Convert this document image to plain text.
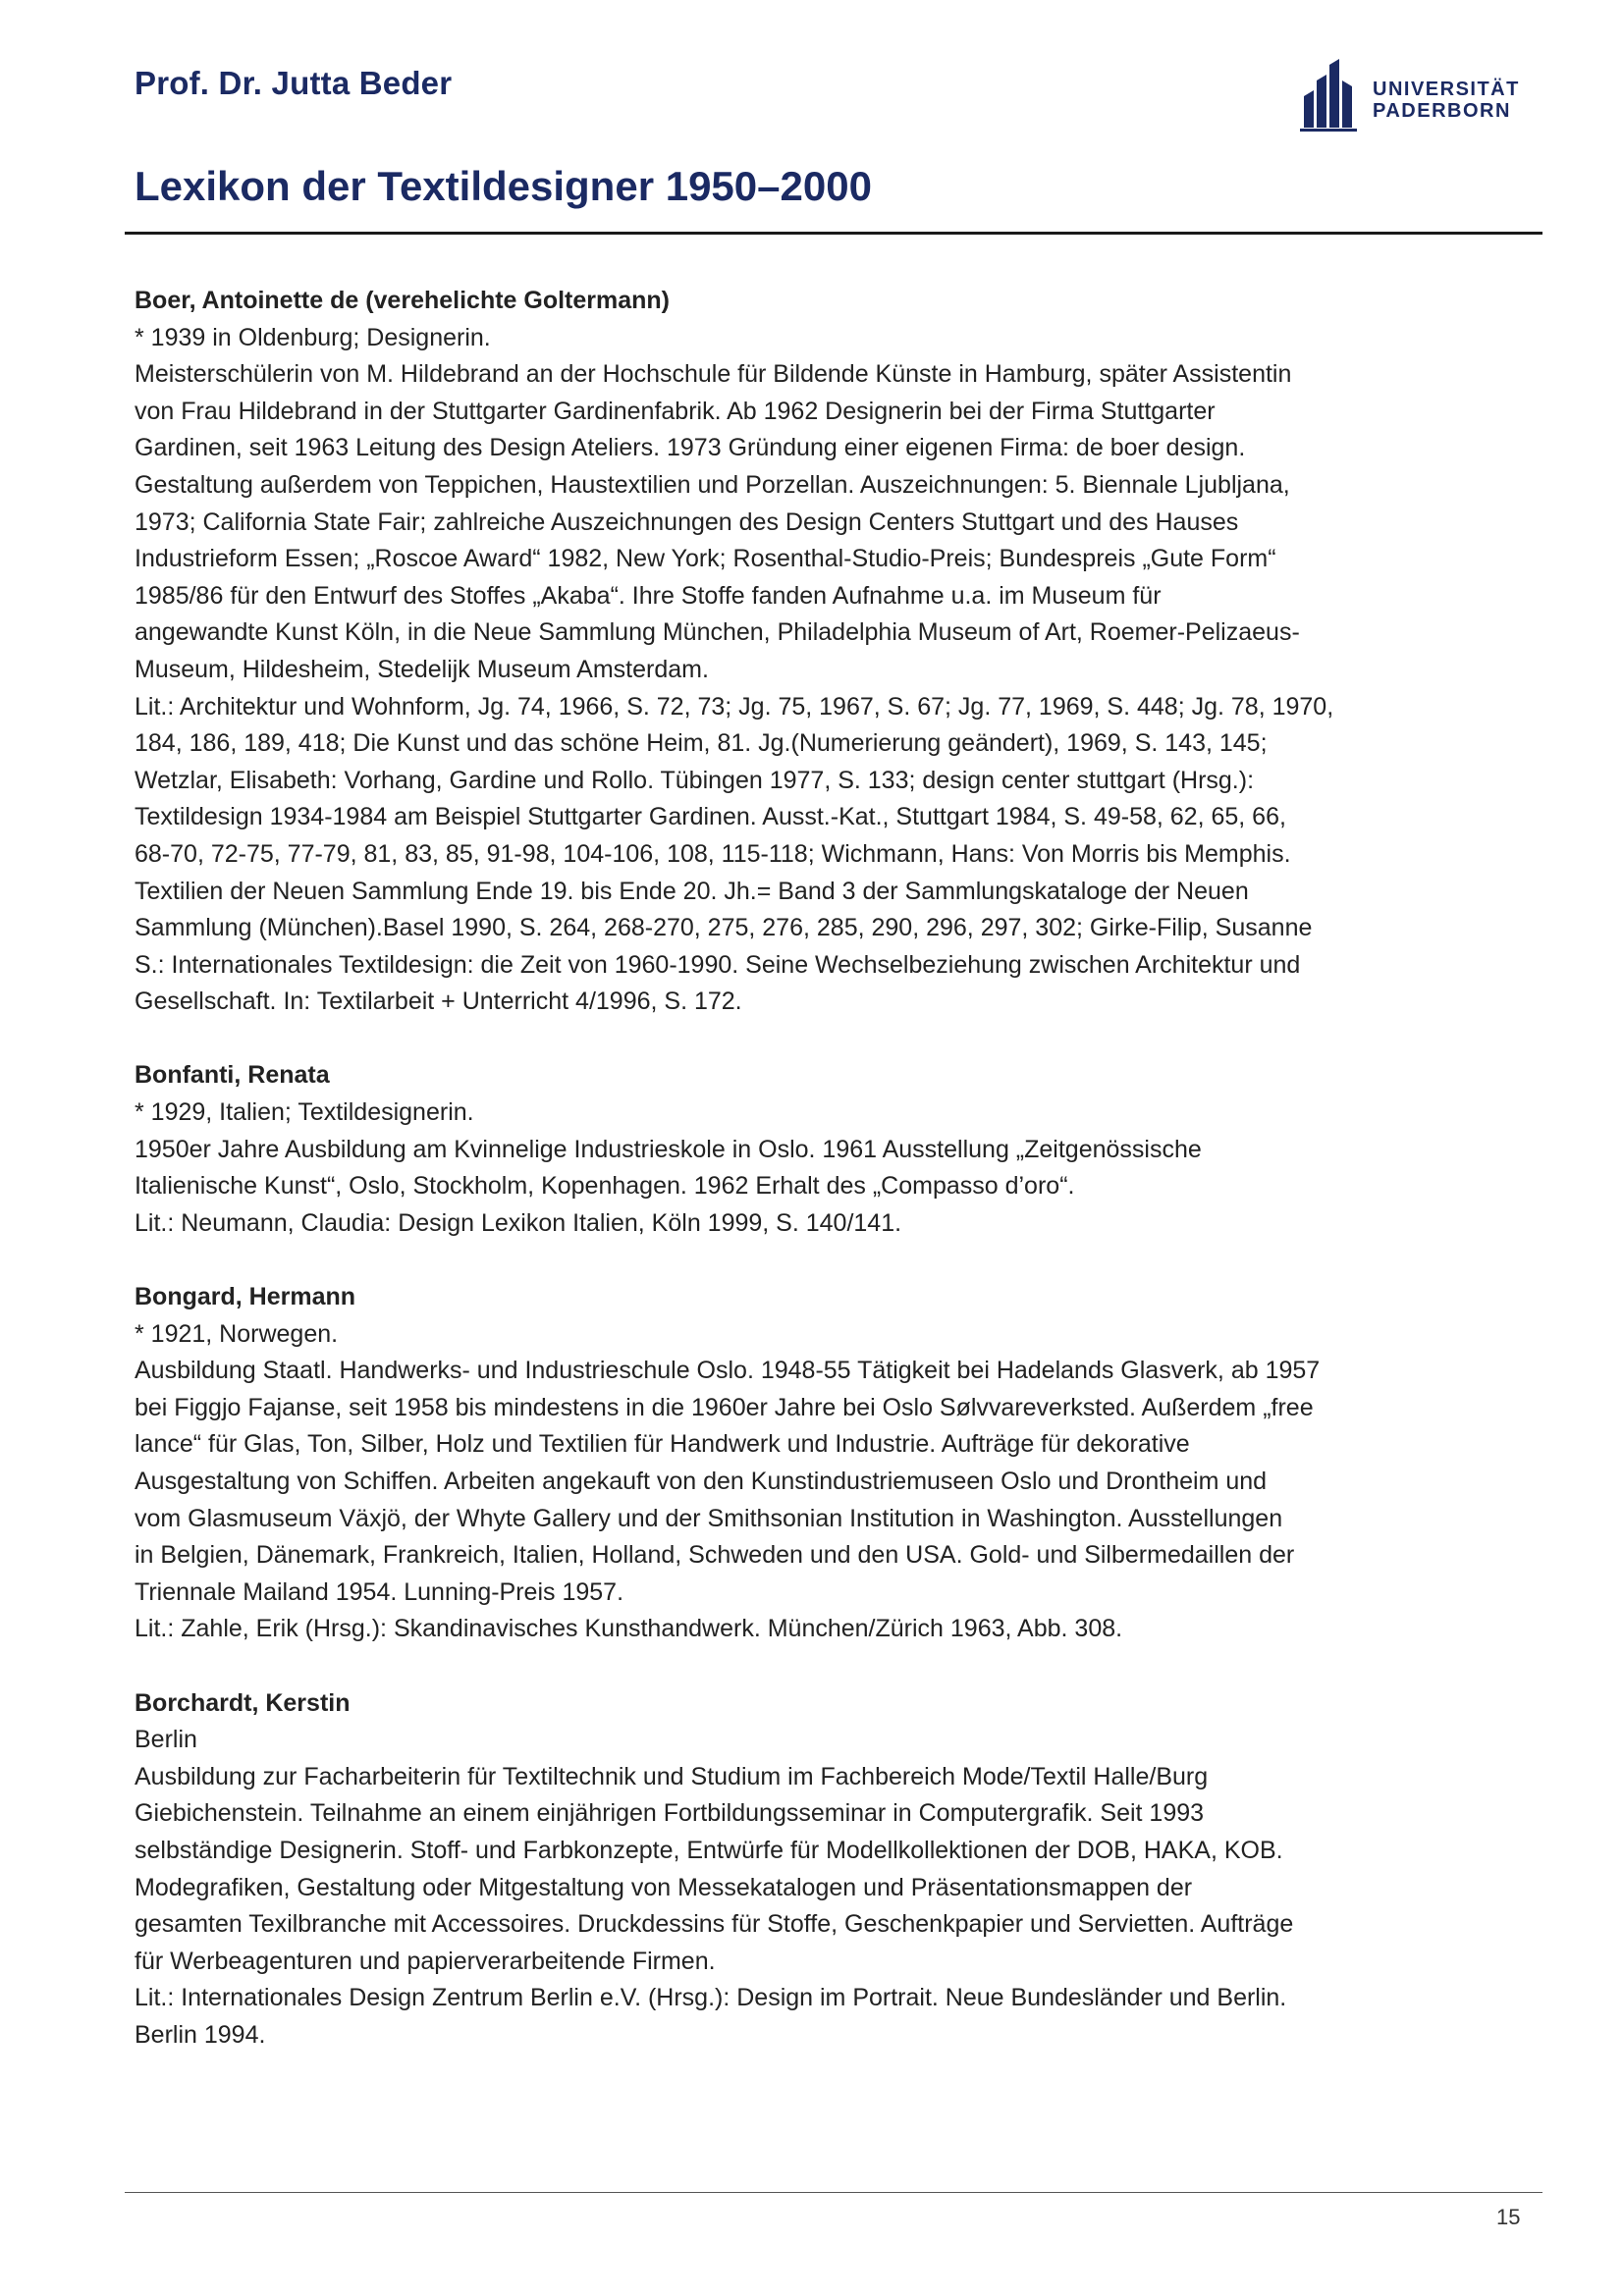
Prof. Dr. Jutta Beder	UNIVERSITÄT
PADERBORN
Lexikon der Textildesigner 1950–2000

Boer, Antoinette de (verehelichte Goltermann)

* 1939 in Oldenburg; Designerin.

Meisterschülerin von M. Hildebrand an der Hochschule für Bildende Künste in Hamburg, später Assistentin

von Frau Hildebrand in der Stuttgarter Gardinenfabrik. Ab 1962 Designerin bei der Firma Stuttgarter

Gardinen, seit 1963 Leitung des Design Ateliers. 1973 Gründung einer eigenen Firma: de boer design.

Gestaltung außerdem von Teppichen, Haustextilien und Porzellan. Auszeichnungen: 5. Biennale Ljubljana,

1973; California State Fair; zahlreiche Auszeichnungen des Design Centers Stuttgart und des Hauses

Industrieform Essen; „Roscoe Award“ 1982, New York; Rosenthal-Studio-Preis; Bundespreis „Gute Form“

1985/86 für den Entwurf des Stoffes „Akaba“. Ihre Stoffe fanden Aufnahme u.a. im Museum für

angewandte Kunst Köln, in die Neue Sammlung München, Philadelphia Museum of Art, Roemer-Pelizaeus-

Museum, Hildesheim, Stedelijk Museum Amsterdam.

Lit.: Architektur und Wohnform, Jg. 74, 1966, S. 72, 73; Jg. 75, 1967, S. 67; Jg. 77, 1969, S. 448; Jg. 78, 1970,

184, 186, 189, 418; Die Kunst und das schöne Heim, 81. Jg.(Numerierung geändert), 1969, S. 143, 145;

Wetzlar, Elisabeth: Vorhang, Gardine und Rollo. Tübingen 1977, S. 133; design center stuttgart (Hrsg.):

Textildesign 1934-1984 am Beispiel Stuttgarter Gardinen. Ausst.-Kat., Stuttgart 1984, S. 49-58, 62, 65, 66,

68-70, 72-75, 77-79, 81, 83, 85, 91-98, 104-106, 108, 115-118; Wichmann, Hans: Von Morris bis Memphis.

Textilien der Neuen Sammlung Ende 19. bis Ende 20. Jh.= Band 3 der Sammlungskataloge der Neuen

Sammlung (München).Basel 1990, S. 264, 268-270, 275, 276, 285, 290, 296, 297, 302; Girke-Filip, Susanne

S.: Internationales Textildesign: die Zeit von 1960-1990. Seine Wechselbeziehung zwischen Architektur und

Gesellschaft. In: Textilarbeit + Unterricht 4/1996, S. 172.

Bonfanti, Renata

* 1929, Italien; Textildesignerin.

1950er Jahre Ausbildung am Kvinnelige Industrieskole in Oslo. 1961 Ausstellung „Zeitgenössische

Italienische Kunst“, Oslo, Stockholm, Kopenhagen. 1962 Erhalt des „Compasso d’oro“.

Lit.: Neumann, Claudia: Design Lexikon Italien, Köln 1999, S. 140/141.

Bongard, Hermann

* 1921, Norwegen.

Ausbildung Staatl. Handwerks- und Industrieschule Oslo. 1948-55 Tätigkeit bei Hadelands Glasverk, ab 1957

bei Figgjo Fajanse, seit 1958 bis mindestens in die 1960er Jahre bei Oslo Sølvvareverksted. Außerdem „free

lance“ für Glas, Ton, Silber, Holz und Textilien für Handwerk und Industrie. Aufträge für dekorative

Ausgestaltung von Schiffen. Arbeiten angekauft von den Kunstindustriemuseen Oslo und Drontheim und

vom Glasmuseum Växjö, der Whyte Gallery und der Smithsonian Institution in Washington. Ausstellungen

in Belgien, Dänemark, Frankreich, Italien, Holland, Schweden und den USA. Gold- und Silbermedaillen der

Triennale Mailand 1954. Lunning-Preis 1957.

Lit.: Zahle, Erik (Hrsg.): Skandinavisches Kunsthandwerk. München/Zürich 1963, Abb. 308.

Borchardt, Kerstin

Berlin

Ausbildung zur Facharbeiterin für Textiltechnik und Studium im Fachbereich Mode/Textil Halle/Burg

Giebichenstein. Teilnahme an einem einjährigen Fortbildungsseminar in Computergrafik. Seit 1993

selbständige Designerin. Stoff- und Farbkonzepte, Entwürfe für Modellkollektionen der DOB, HAKA, KOB.

Modegrafiken, Gestaltung oder Mitgestaltung von Messekatalogen und Präsentationsmappen der

gesamten Texilbranche mit Accessoires. Druckdessins für Stoffe, Geschenkpapier und Servietten. Aufträge

für Werbeagenturen und papierverarbeitende Firmen.

Lit.: Internationales Design Zentrum Berlin e.V. (Hrsg.): Design im Portrait. Neue Bundesländer und Berlin.

Berlin 1994.

15
